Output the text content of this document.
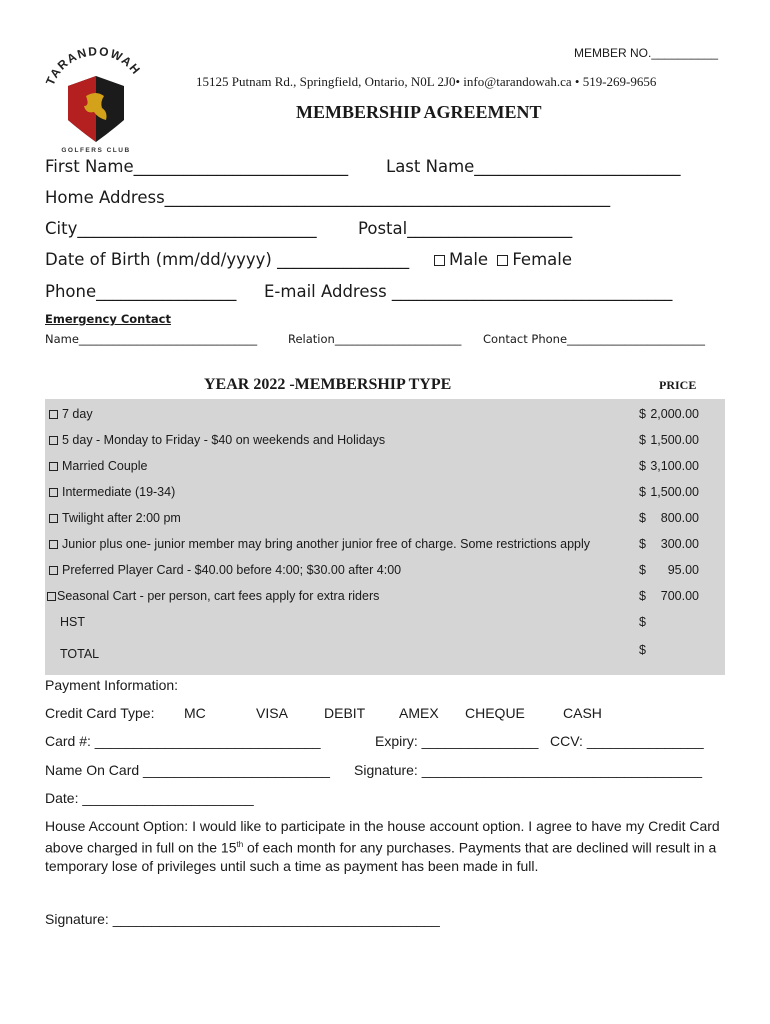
TARANDOWAH
GOLFERS CLUB
MEMBER NO.__________
15125 Putnam Rd., Springfield, Ontario, N0L 2J0• info@tarandowah.ca • 519-269-9656
MEMBERSHIP AGREEMENT
First Name__________________________ Last Name_________________________
Home Address______________________________________________________
City_____________________________	Postal____________________
Date of Birth (mm/dd/yyyy) ________________	Male Female
Phone_________________ E-mail Address __________________________________
Emergency Contact
Name_______________________________	Relation______________________ Contact Phone________________________
YEAR 2022 -MEMBERSHIP TYPE	PRICE
7 day	$ 2,000.00
5 day - Monday to Friday - $40 on weekends and Holidays	$ 1,500.00
Married Couple	$ 3,100.00
Intermediate (19-34)	$ 1,500.00
Twilight after 2:00 pm	$ 800.00
Junior plus one- junior member may bring another junior free of charge. Some restrictions apply	$ 300.00
Preferred Player Card - $40.00 before 4:00; $30.00 after 4:00	$ 95.00
Seasonal Cart - per person, cart fees apply for extra riders	$ 700.00
HST	$
TOTAL	$
Payment Information:
Credit Card Type: MC	VISA	DEBIT AMEX CHEQUE	CASH
Card #: _____________________________	Expiry: _______________ CCV: _______________
Name On Card ________________________ Signature: ____________________________________
Date: ______________________
House Account Option: I would like to participate in the house account option. I agree to have my Credit Card
above charged in full on the 15th of each month for any purchases. Payments that are declined will result in a
temporary lose of privileges until such a time as payment has been made in full.
Signature: __________________________________________
